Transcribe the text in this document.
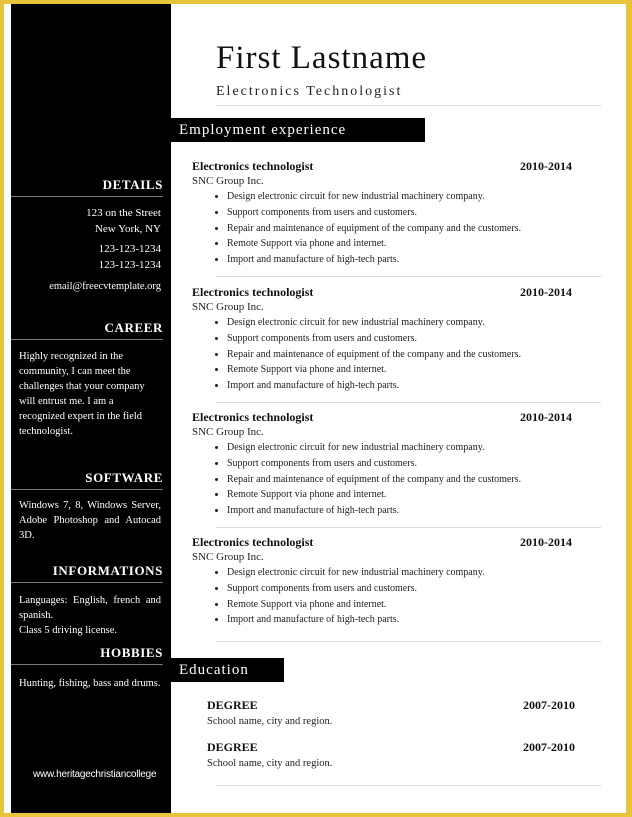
DETAILS
123 on the Street
New York, NY
123-123-1234
123-123-1234
email@freecvtemplate.org
CAREER
Highly recognized in the community, I can meet the challenges that your company will entrust me. I am a recognized expert in the field technologist.
SOFTWARE
Windows 7, 8, Windows Server, Adobe Photoshop and Autocad 3D.
INFORMATIONS
Languages: English, french and spanish.
Class 5 driving license.
HOBBIES
Hunting, fishing, bass and drums.
First Lastname
Electronics Technologist
Employment experience
Electronics technologist	2010-2014
SNC Group Inc.
• Design electronic circuit for new industrial machinery company.
• Support components from users and customers.
• Repair and maintenance of equipment of the company and the customers.
• Remote Support via phone and internet.
• Import and manufacture of high-tech parts.
Electronics technologist	2010-2014
SNC Group Inc.
• Design electronic circuit for new industrial machinery company.
• Support components from users and customers.
• Repair and maintenance of equipment of the company and the customers.
• Remote Support via phone and internet.
• Import and manufacture of high-tech parts.
Electronics technologist	2010-2014
SNC Group Inc.
• Design electronic circuit for new industrial machinery company.
• Support components from users and customers.
• Repair and maintenance of equipment of the company and the customers.
• Remote Support via phone and internet.
• Import and manufacture of high-tech parts.
Electronics technologist	2010-2014
SNC Group Inc.
• Design electronic circuit for new industrial machinery company.
• Support components from users and customers.
• Remote Support via phone and internet.
• Import and manufacture of high-tech parts.
Education
DEGREE	2007-2010
School name, city and region.
DEGREE	2007-2010
School name, city and region.
www.heritagechristiancollege
